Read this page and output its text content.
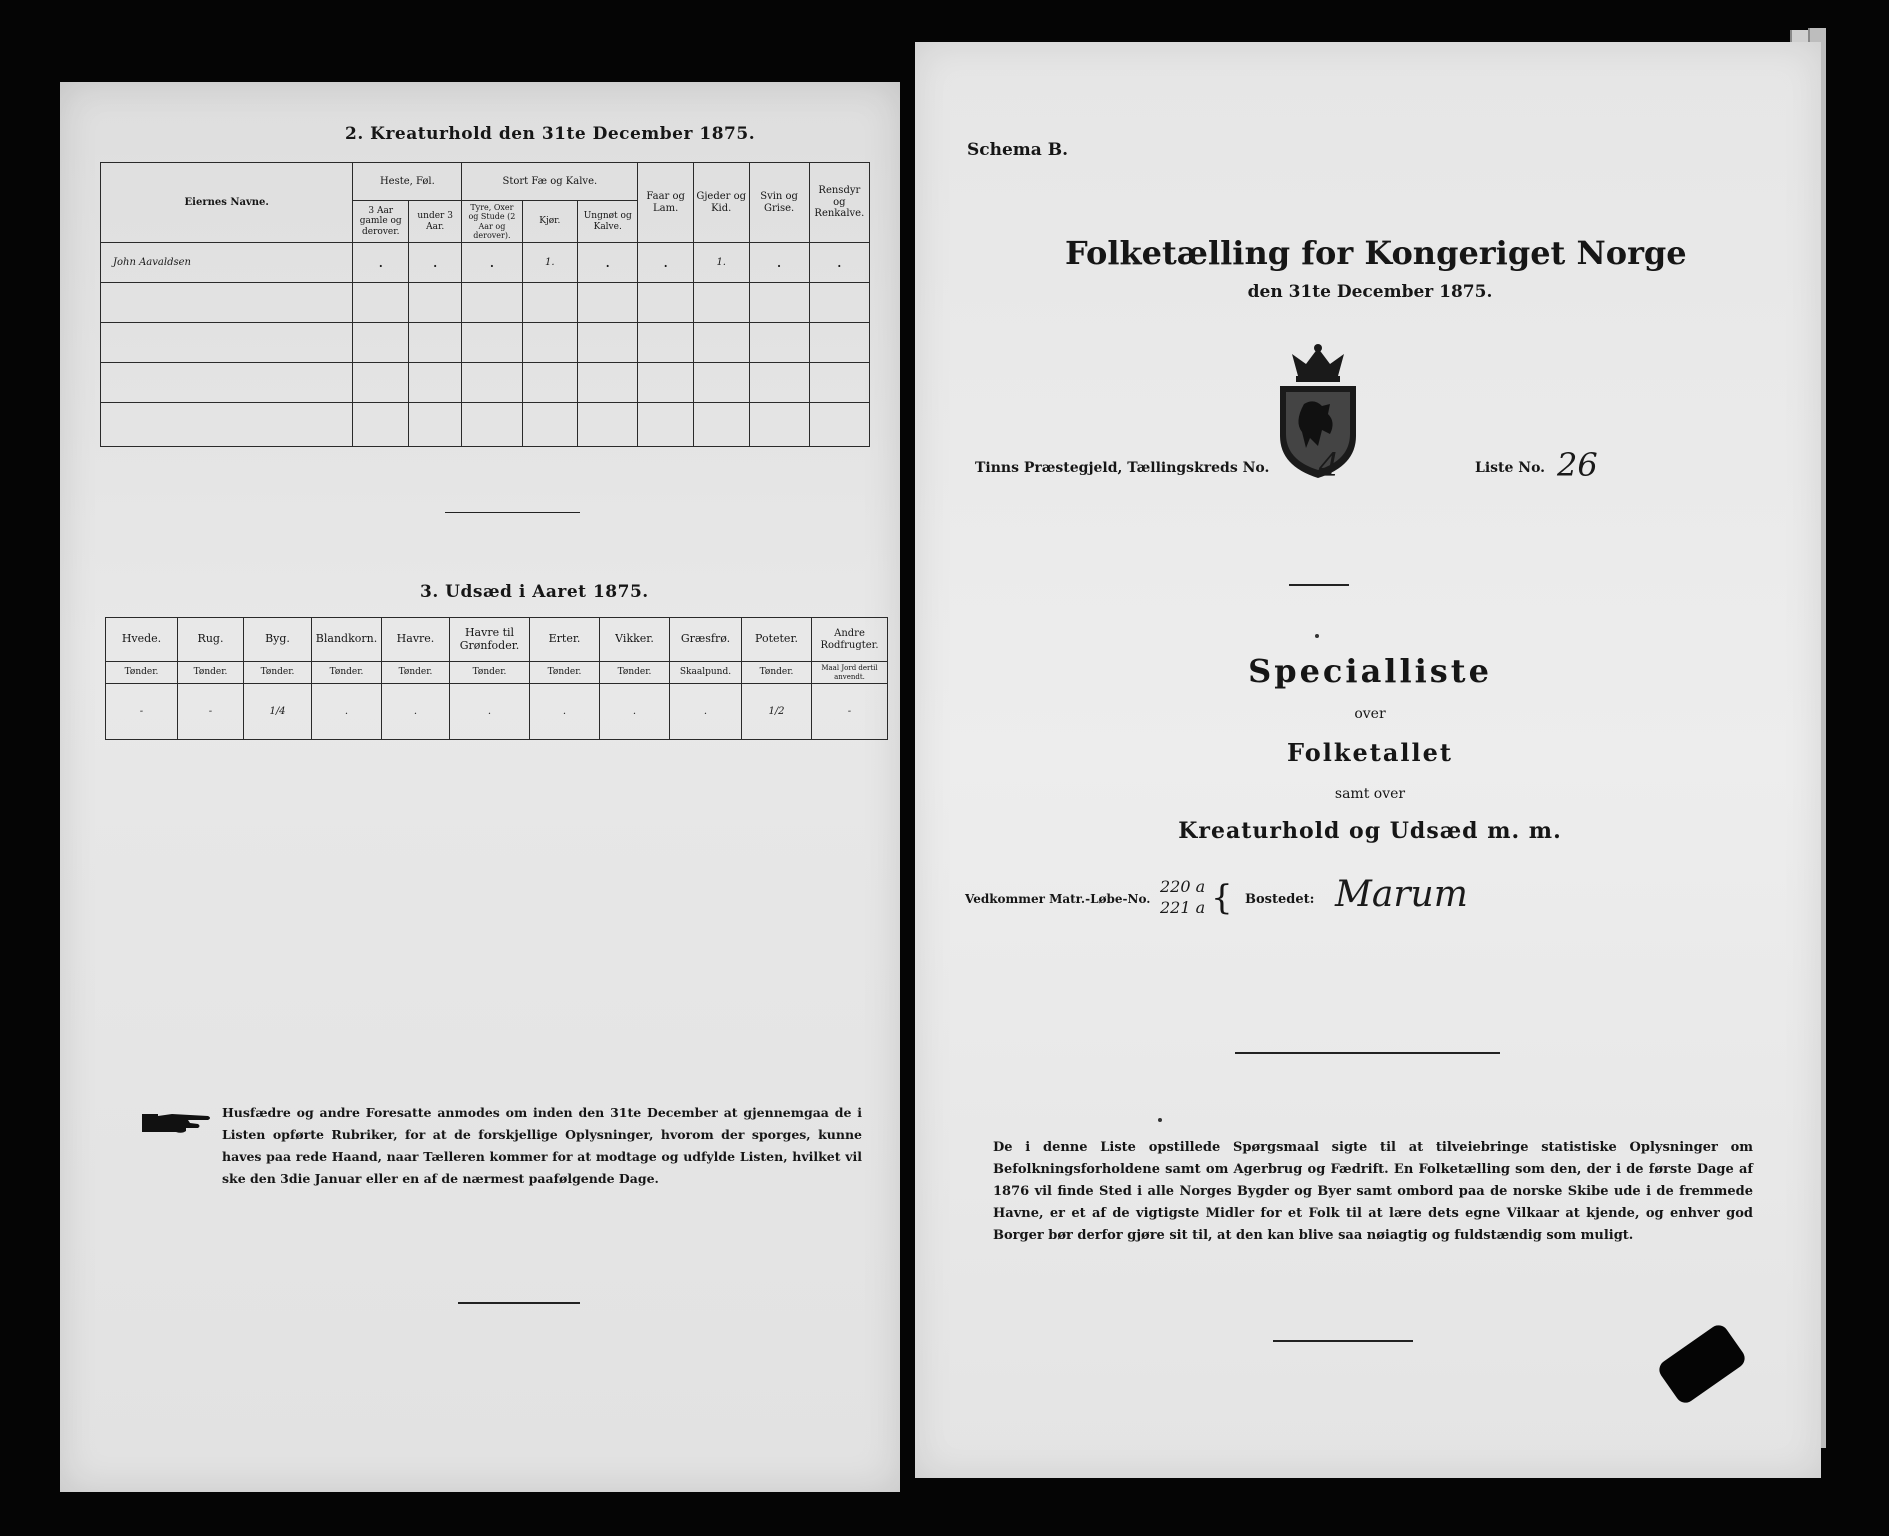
2. Kreaturhold den 31te December 1875.
Eiernes Navne.	Heste, Føl.		Stort Fæ og Kalve.			Faar og Lam.	Gjeder og Kid.	Svin og Grise.	Rensdyr og Renkalve.
	3 Aar gamle og derover.	under 3 Aar.	Tyre, Oxer og Stude (2 Aar og derover).	Kjør.	Ungnøt og Kalve.				
John Aavaldsen	.	.	.	1.	.	.	1.	.	.

3. Udsæd i Aaret 1875.
Hvede.	Rug.	Byg.	Blandkorn.	Havre.	Havre til Grønfoder.	Erter.	Vikker.	Græsfrø.	Poteter.	Andre Rodfrugter.
Tønder.	Tønder.	Tønder.	Tønder.	Tønder.	Tønder.	Tønder.	Tønder.	Skaalpund.	Tønder.	Maal Jord dertil anvendt.
-	-	1/4	.	.	.	.	.	.	1/2	-
Husfædre og andre Foresatte anmodes om inden den 31te December at gjennemgaa de i Listen opførte Rubriker, for at de forskjellige Oplysninger, hvorom der sporges, kunne haves paa rede Haand, naar Tælleren kommer for at modtage og udfylde Listen, hvilket vil ske den 3die Januar eller en af de nærmest paafølgende Dage.
Schema B.
Folketælling for Kongeriget Norge
den 31te December 1875.
Tinns Præstegjeld, Tællingskreds No. 4	Liste No. 26
Specialliste
over
Folketallet
samt over
Kreaturhold og Udsæd m. m.
Vedkommer Matr.-Løbe-No.
220 a
221 a { Bostedet: Marum
De i denne Liste opstillede Spørgsmaal sigte til at tilveiebringe statistiske Oplysninger om Befolkningsforholdene samt om Agerbrug og Fædrift. En Folketælling som den, der i de første Dage af 1876 vil finde Sted i alle Norges Bygder og Byer samt ombord paa de norske Skibe ude i de fremmede Havne, er et af de vigtigste Midler for et Folk til at lære dets egne Vilkaar at kjende, og enhver god Borger bør derfor gjøre sit til, at den kan blive saa nøiagtig og fuldstændig som muligt.
